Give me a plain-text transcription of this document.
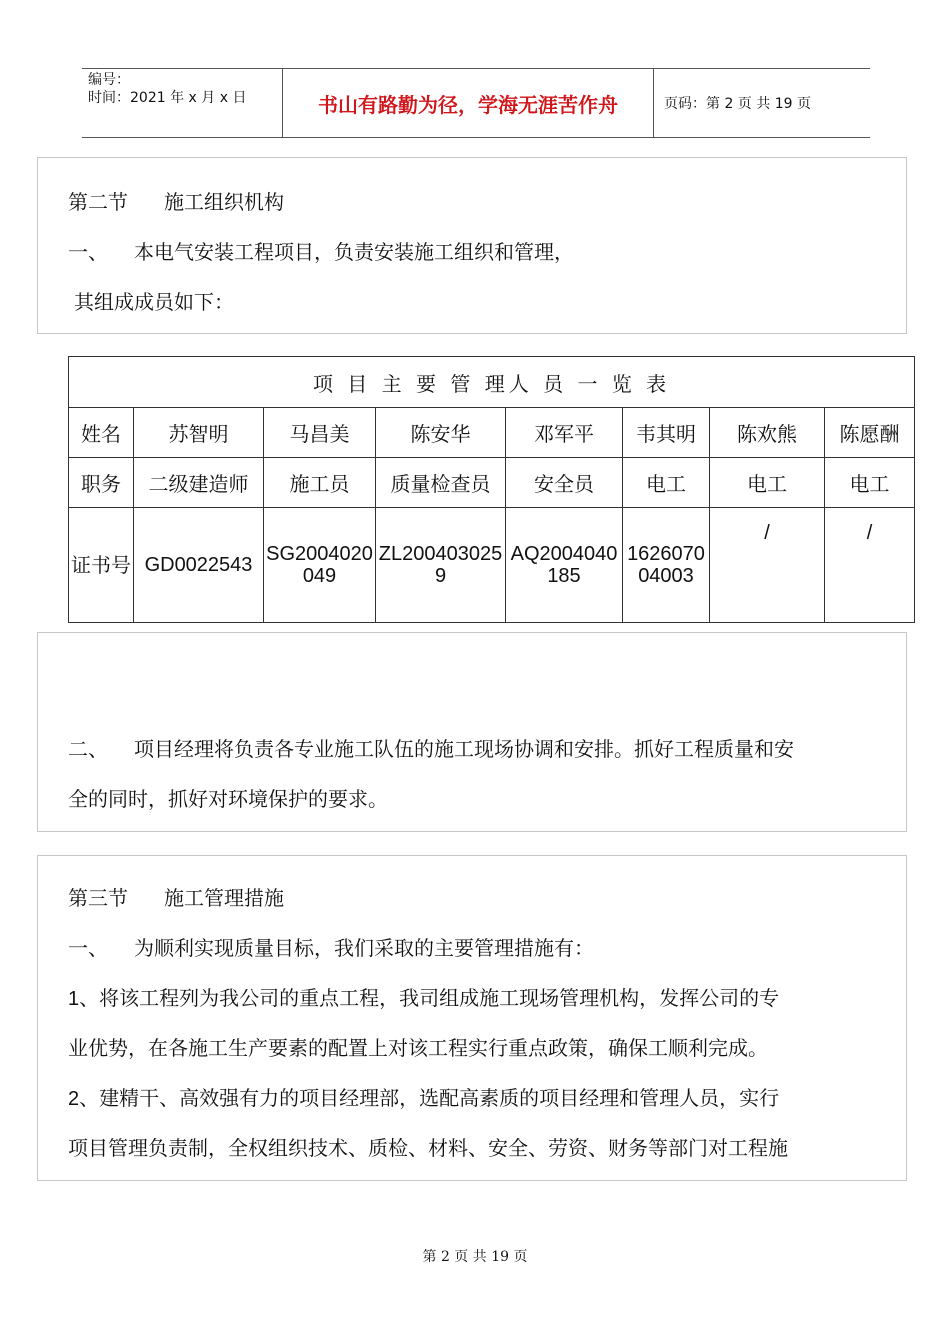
编号：
时间：2021 年 x 月 x 日	书山有路勤为径，学海无涯苦作舟	页码：第 2 页 共 19 页
第二节 施工组织机构
一、 本电气安装工程项目，负责安装施工组织和管理，
其组成成员如下：
项 目 主 要 管 理人 员 一 览 表							
姓名	苏智明	马昌美	陈安华	邓军平	韦其明	陈欢熊	陈愿酬
职务	二级建造师	施工员	质量检查员	安全员	电工	电工	电工
证书号	GD0022543	SG2004020049	ZL2004030259	AQ2004040185	162607004003	/	/
二、 项目经理将负责各专业施工队伍的施工现场协调和安排。抓好工程质量和安
全的同时，抓好对环境保护的要求。
第三节 施工管理措施
一、 为顺利实现质量目标，我们采取的主要管理措施有：
1、将该工程列为我公司的重点工程，我司组成施工现场管理机构，发挥公司的专
业优势，在各施工生产要素的配置上对该工程实行重点政策，确保工顺利完成。
2、建精干、高效强有力的项目经理部，选配高素质的项目经理和管理人员，实行
项目管理负责制，全权组织技术、质检、材料、安全、劳资、财务等部门对工程施
第 2 页 共 19 页
